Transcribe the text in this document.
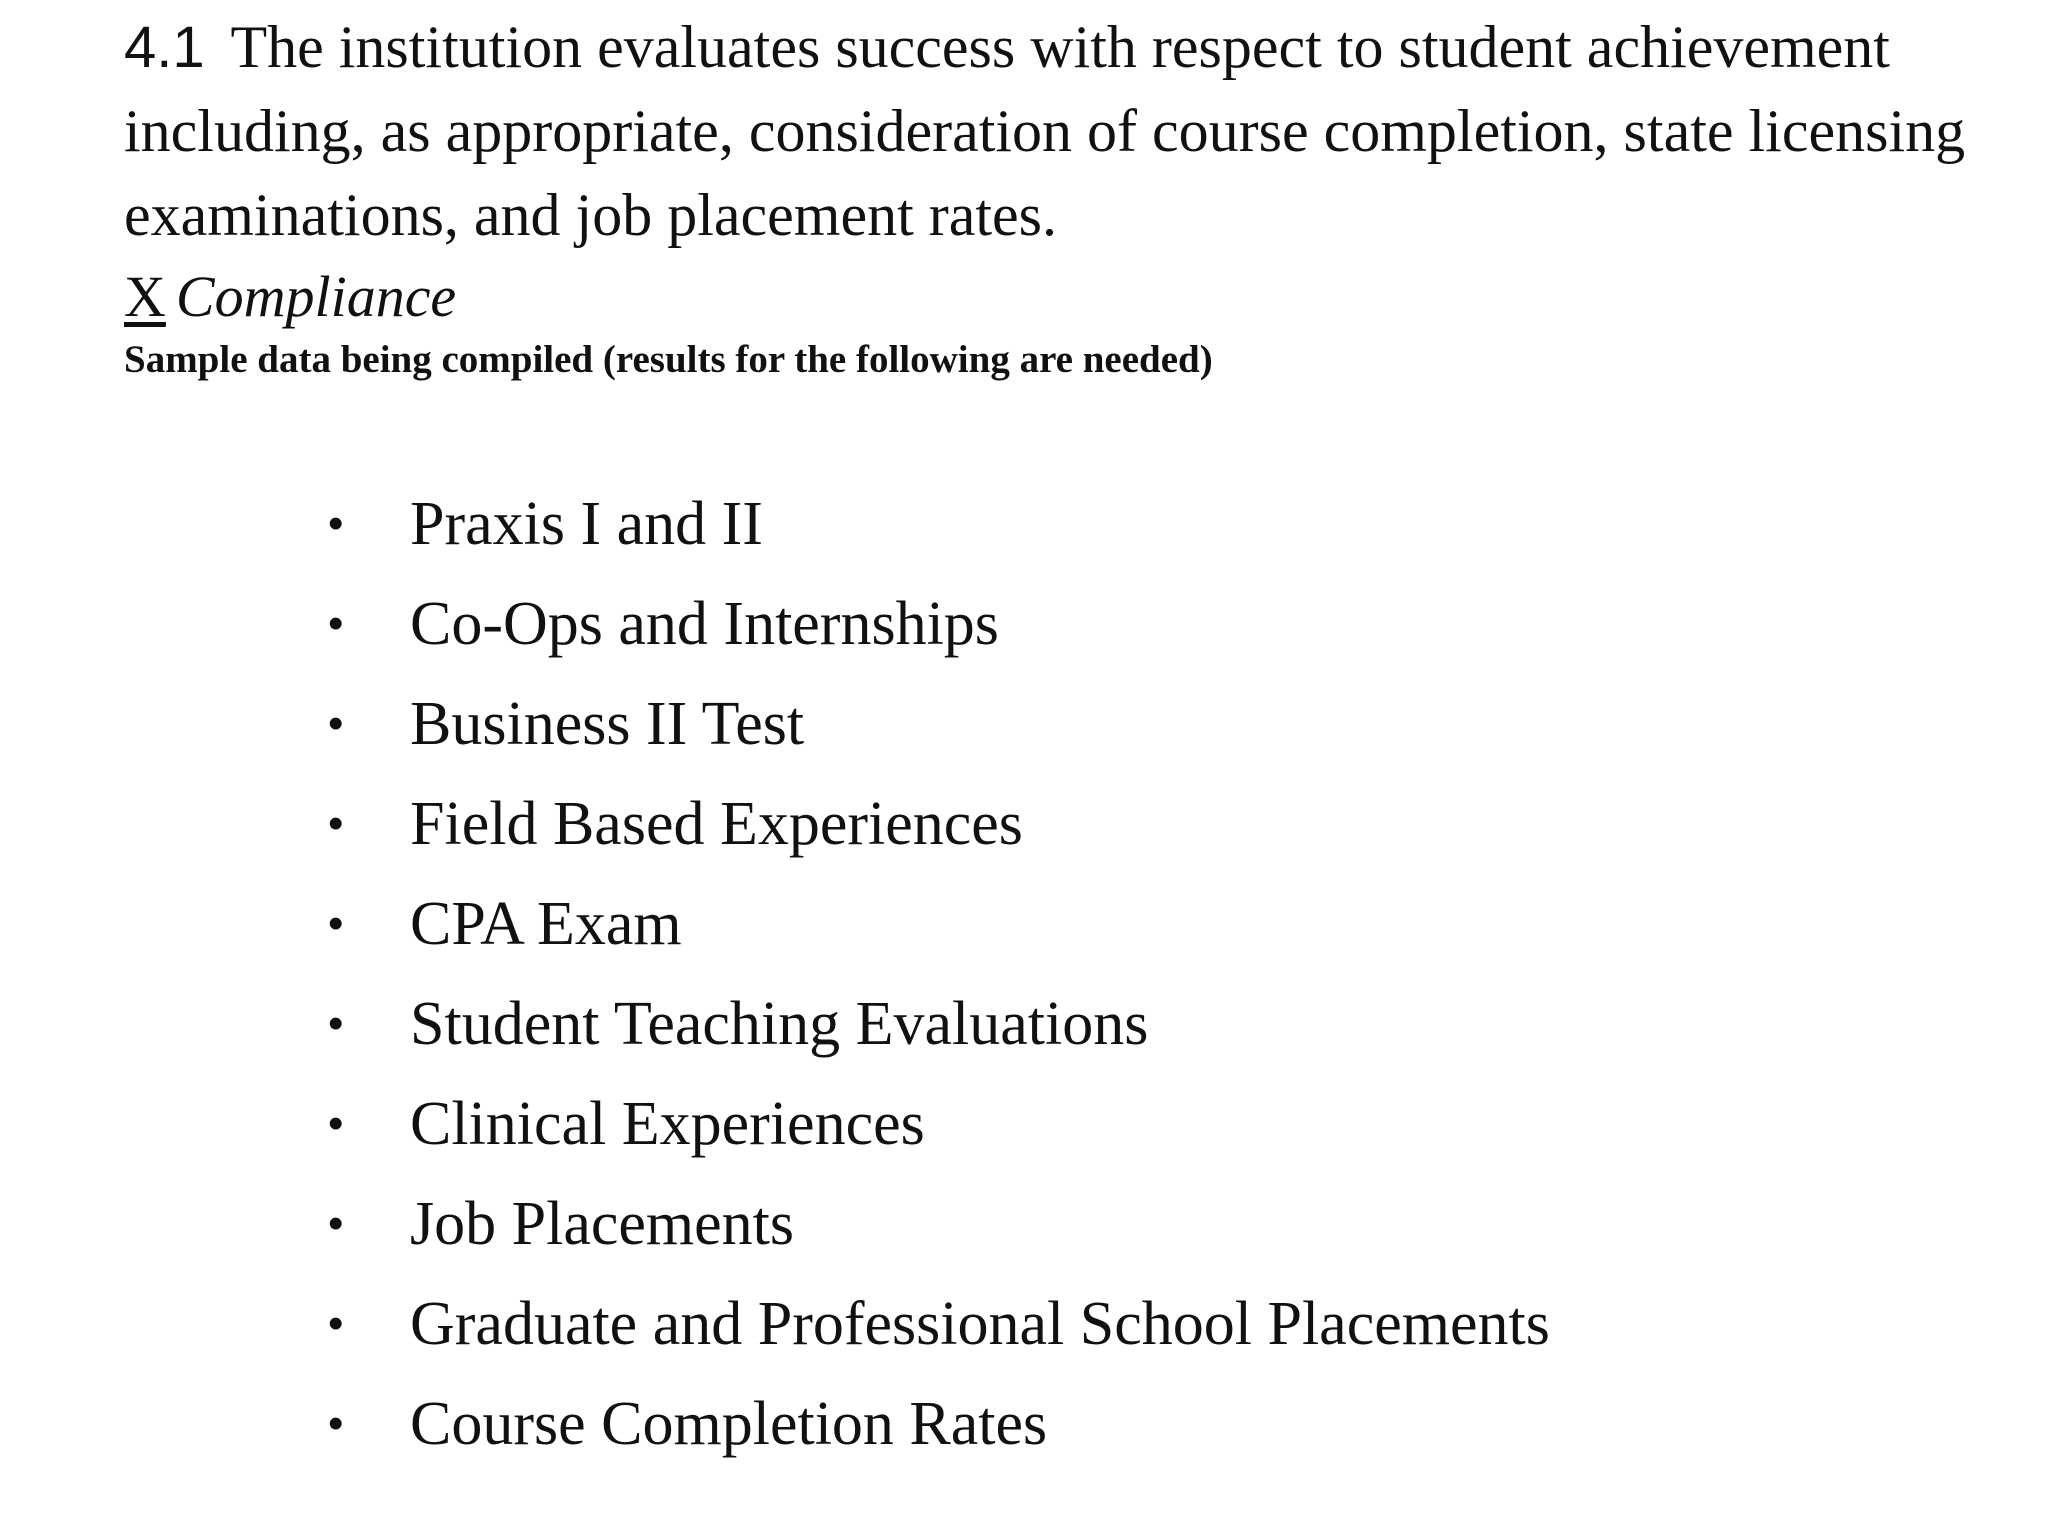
4.1 The institution evaluates success with respect to student achievement including, as appropriate, consideration of course completion, state licensing examinations, and job placement rates.

X Compliance

Sample data being compiled (results for the following are needed)

• Praxis I and II
• Co-Ops and Internships
• Business II Test
• Field Based Experiences
• CPA Exam
• Student Teaching Evaluations
• Clinical Experiences
• Job Placements
• Graduate and Professional School Placements
• Course Completion Rates
